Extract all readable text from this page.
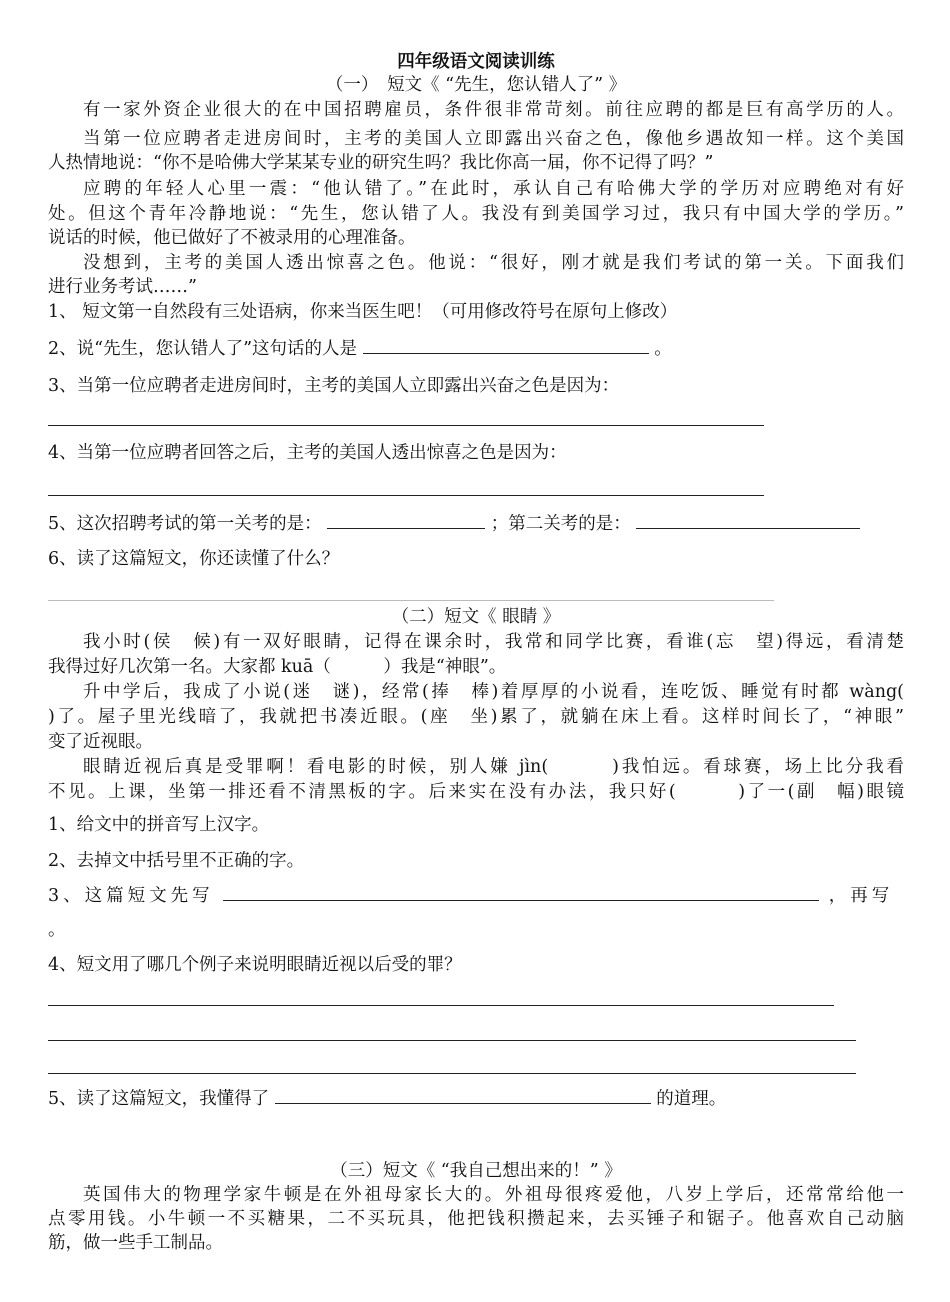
四年级语文阅读训练
（一）　短文《 “先生，您认错人了” 》
有一家外资企业很大的在中国招聘雇员，条件很非常苛刻。前往应聘的都是巨有高学历的人。
当第一位应聘者走进房间时，主考的美国人立即露出兴奋之色，像他乡遇故知一样。这个美国
人热情地说：“你不是哈佛大学某某专业的研究生吗？我比你高一届，你不记得了吗？”
应聘的年轻人心里一震：“他认错了。”在此时，承认自己有哈佛大学的学历对应聘绝对有好
处。但这个青年冷静地说：“先生，您认错了人。我没有到美国学习过，我只有中国大学的学历。”
说话的时候，他已做好了不被录用的心理准备。
没想到，主考的美国人透出惊喜之色。他说：“很好，刚才就是我们考试的第一关。下面我们
进行业务考试……”
1、 短文第一自然段有三处语病，你来当医生吧！（可用修改符号在原句上修改）
2、说“先生，您认错人了”这句话的人是	。
3、当第一位应聘者走进房间时，主考的美国人立即露出兴奋之色是因为：
4、当第一位应聘者回答之后，主考的美国人透出惊喜之色是因为：
5、这次招聘考试的第一关考的是：	；第二关考的是：
6、读了这篇短文，你还读懂了什么？
（二）短文《 眼睛 》
我小时(侯　候)有一双好眼睛，记得在课余时，我常和同学比赛，看谁(忘　望)得远，看清楚
我得过好几次第一名。大家都 kuā（　　　）我是“神眼”。
升中学后，我成了小说(迷　谜)，经常(捧　棒)着厚厚的小说看，连吃饭、睡觉有时都 wàng(
)了。屋子里光线暗了，我就把书凑近眼。(座　坐)累了，就躺在床上看。这样时间长了，“神眼”
变了近视眼。
眼睛近视后真是受罪啊！看电影的时候，别人嫌 jìn(　　　)我怕远。看球赛，场上比分我看
不见。上课，坐第一排还看不清黑板的字。后来实在没有办法，我只好(　　　)了一(副　幅)眼镜
1、给文中的拼音写上汉字。
2、去掉文中括号里不正确的字。
3、这篇短文先写	，再写
。
4、短文用了哪几个例子来说明眼睛近视以后受的罪？
5、读了这篇短文，我懂得了	的道理。
（三）短文《 “我自己想出来的！” 》
英国伟大的物理学家牛顿是在外祖母家长大的。外祖母很疼爱他，八岁上学后，还常常给他一
点零用钱。小牛顿一不买糖果，二不买玩具，他把钱积攒起来，去买锤子和锯子。他喜欢自己动脑
筋，做一些手工制品。
